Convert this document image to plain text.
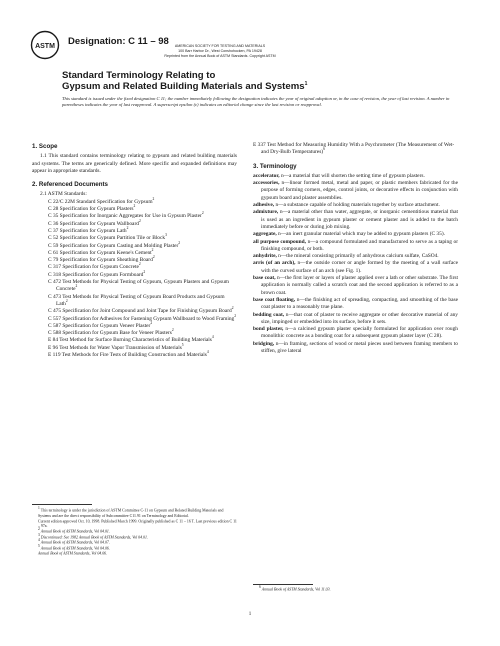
ASTM Designation: C 11 – 98	AMERICAN SOCIETY FOR TESTING AND MATERIALS
100 Barr Harbor Dr., West Conshohocken, PA 19428
Reprinted from the Annual Book of ASTM Standards. Copyright ASTM
Standard Terminology Relating to
Gypsum and Related Building Materials and Systems$^1$
This standard is issued under the fixed designation C 11; the number immediately following the designation indicates the year of original adoption or, in the case of revision, the year of last revision. A number in parentheses indicates the year of last reapproval. A superscript epsilon (ε) indicates an editorial change since the last revision or reapproval.
1. Scope
1.1 This standard contains terminology relating to gypsum and related building materials and systems. The terms are generically defined. More specific and expanded definitions may appear in appropriate standards.
2. Referenced Documents
2.1 ASTM Standards:
C 22/C 22M Standard Specification for Gypsum$^2$
C 28 Specification for Gypsum Plasters$^2$
C 35 Specification for Inorganic Aggregates for Use in Gypsum Plaster$^2$
C 36 Specification for Gypsum Wallboard$^2$
C 37 Specification for Gypsum Lath$^2$
C 52 Specification for Gypsum Partition Tile or Block$^3$
C 59 Specification for Gypsum Casting and Molding Plaster$^2$
C 61 Specification for Gypsum Keene's Cement$^2$
C 79 Specification for Gypsum Sheathing Board$^2$
C 317 Specification for Gypsum Concrete$^2$
C 318 Specification for Gypsum Formboard$^2$
C 472 Test Methods for Physical Testing of Gypsum, Gypsum Plasters and Gypsum Concrete$^2$
C 473 Test Methods for Physical Testing of Gypsum Board Products and Gypsum Lath$^2$
C 475 Specification for Joint Compound and Joint Tape for Finishing Gypsum Board$^2$
C 557 Specification for Adhesives for Fastening Gypsum Wallboard to Wood Framing$^2$
C 587 Specification for Gypsum Veneer Plaster$^2$
C 588 Specification for Gypsum Base for Veneer Plasters$^2$
E 84 Test Method for Surface Burning Characteristics of Building Materials$^4$
E 96 Test Methods for Water Vapor Transmission of Materials$^5$
E 119 Test Methods for Fire Tests of Building Construction and Materials$^4$
$^1$ This terminology is under the jurisdiction of ASTM Committee C-11 on Gypsum and Related Building Materials and Systems and are the direct responsibility of Subcommittee C11.91 on Terminology and Editorial.
Current edition approved Oct. 10, 1998. Published March 1999. Originally published as C 11 – 16 T. Last previous edition C 11 – 97a.
$^2$ Annual Book of ASTM Standards, Vol 04.01.
$^3$ Discontinued: See 1982 Annual Book of ASTM Standards, Vol 04.01.
$^4$ Annual Book of ASTM Standards, Vol 04.07.
$^5$ Annual Book of ASTM Standards, Vol 04.06.
Annual Book of ASTM Standards, Vol 04.06.
E 337 Test Method for Measuring Humidity With a Psychrometer (The Measurement of Wet- and Dry-Bulb Temperatures)$^6$
3. Terminology
accelerator, n—a material that will shorten the setting time of gypsum plasters.
accessories, n—linear formed metal, metal and paper, or plastic members fabricated for the purpose of forming corners, edges, control joints, or decorative effects in conjunction with gypsum board and plaster assemblies.
adhesive, n—a substance capable of holding materials together by surface attachment.
admixture, n—a material other than water, aggregate, or inorganic cementitious material that is used as an ingredient in gypsum plaster or cement plaster and is added to the batch immediately before or during job mixing.
aggregate, n—an inert granular material which may be added to gypsum plasters (C 35).
all purpose compound, n—a compound formulated and manufactured to serve as a taping or finishing compound, or both.
anhydrite, n—the mineral consisting primarily of anhydrous calcium sulfate, CaSO4.
arris (of an arch), n—the outside corner or angle formed by the meeting of a wall surface with the curved surface of an arch (see Fig. 1).
base coat, n—the first layer or layers of plaster applied over a lath or other substrate. The first application is normally called a scratch coat and the second application is referred to as a brown coat.
base coat floating, n—the finishing act of spreading, compacting, and smoothing of the base coat plaster to a reasonably true plane.
bedding coat, n—that coat of plaster to receive aggregate or other decorative material of any size, impinged or embedded into its surface, before it sets.
bond plaster, n—a calcined gypsum plaster specially formulated for application over rough monolithic concrete as a bonding coat for a subsequent gypsum plaster layer (C 28).
bridging, n—in framing, sections of wood or metal pieces used between framing members to stiffen, give lateral
$^6$ Annual Book of ASTM Standards, Vol 11.03.
1
